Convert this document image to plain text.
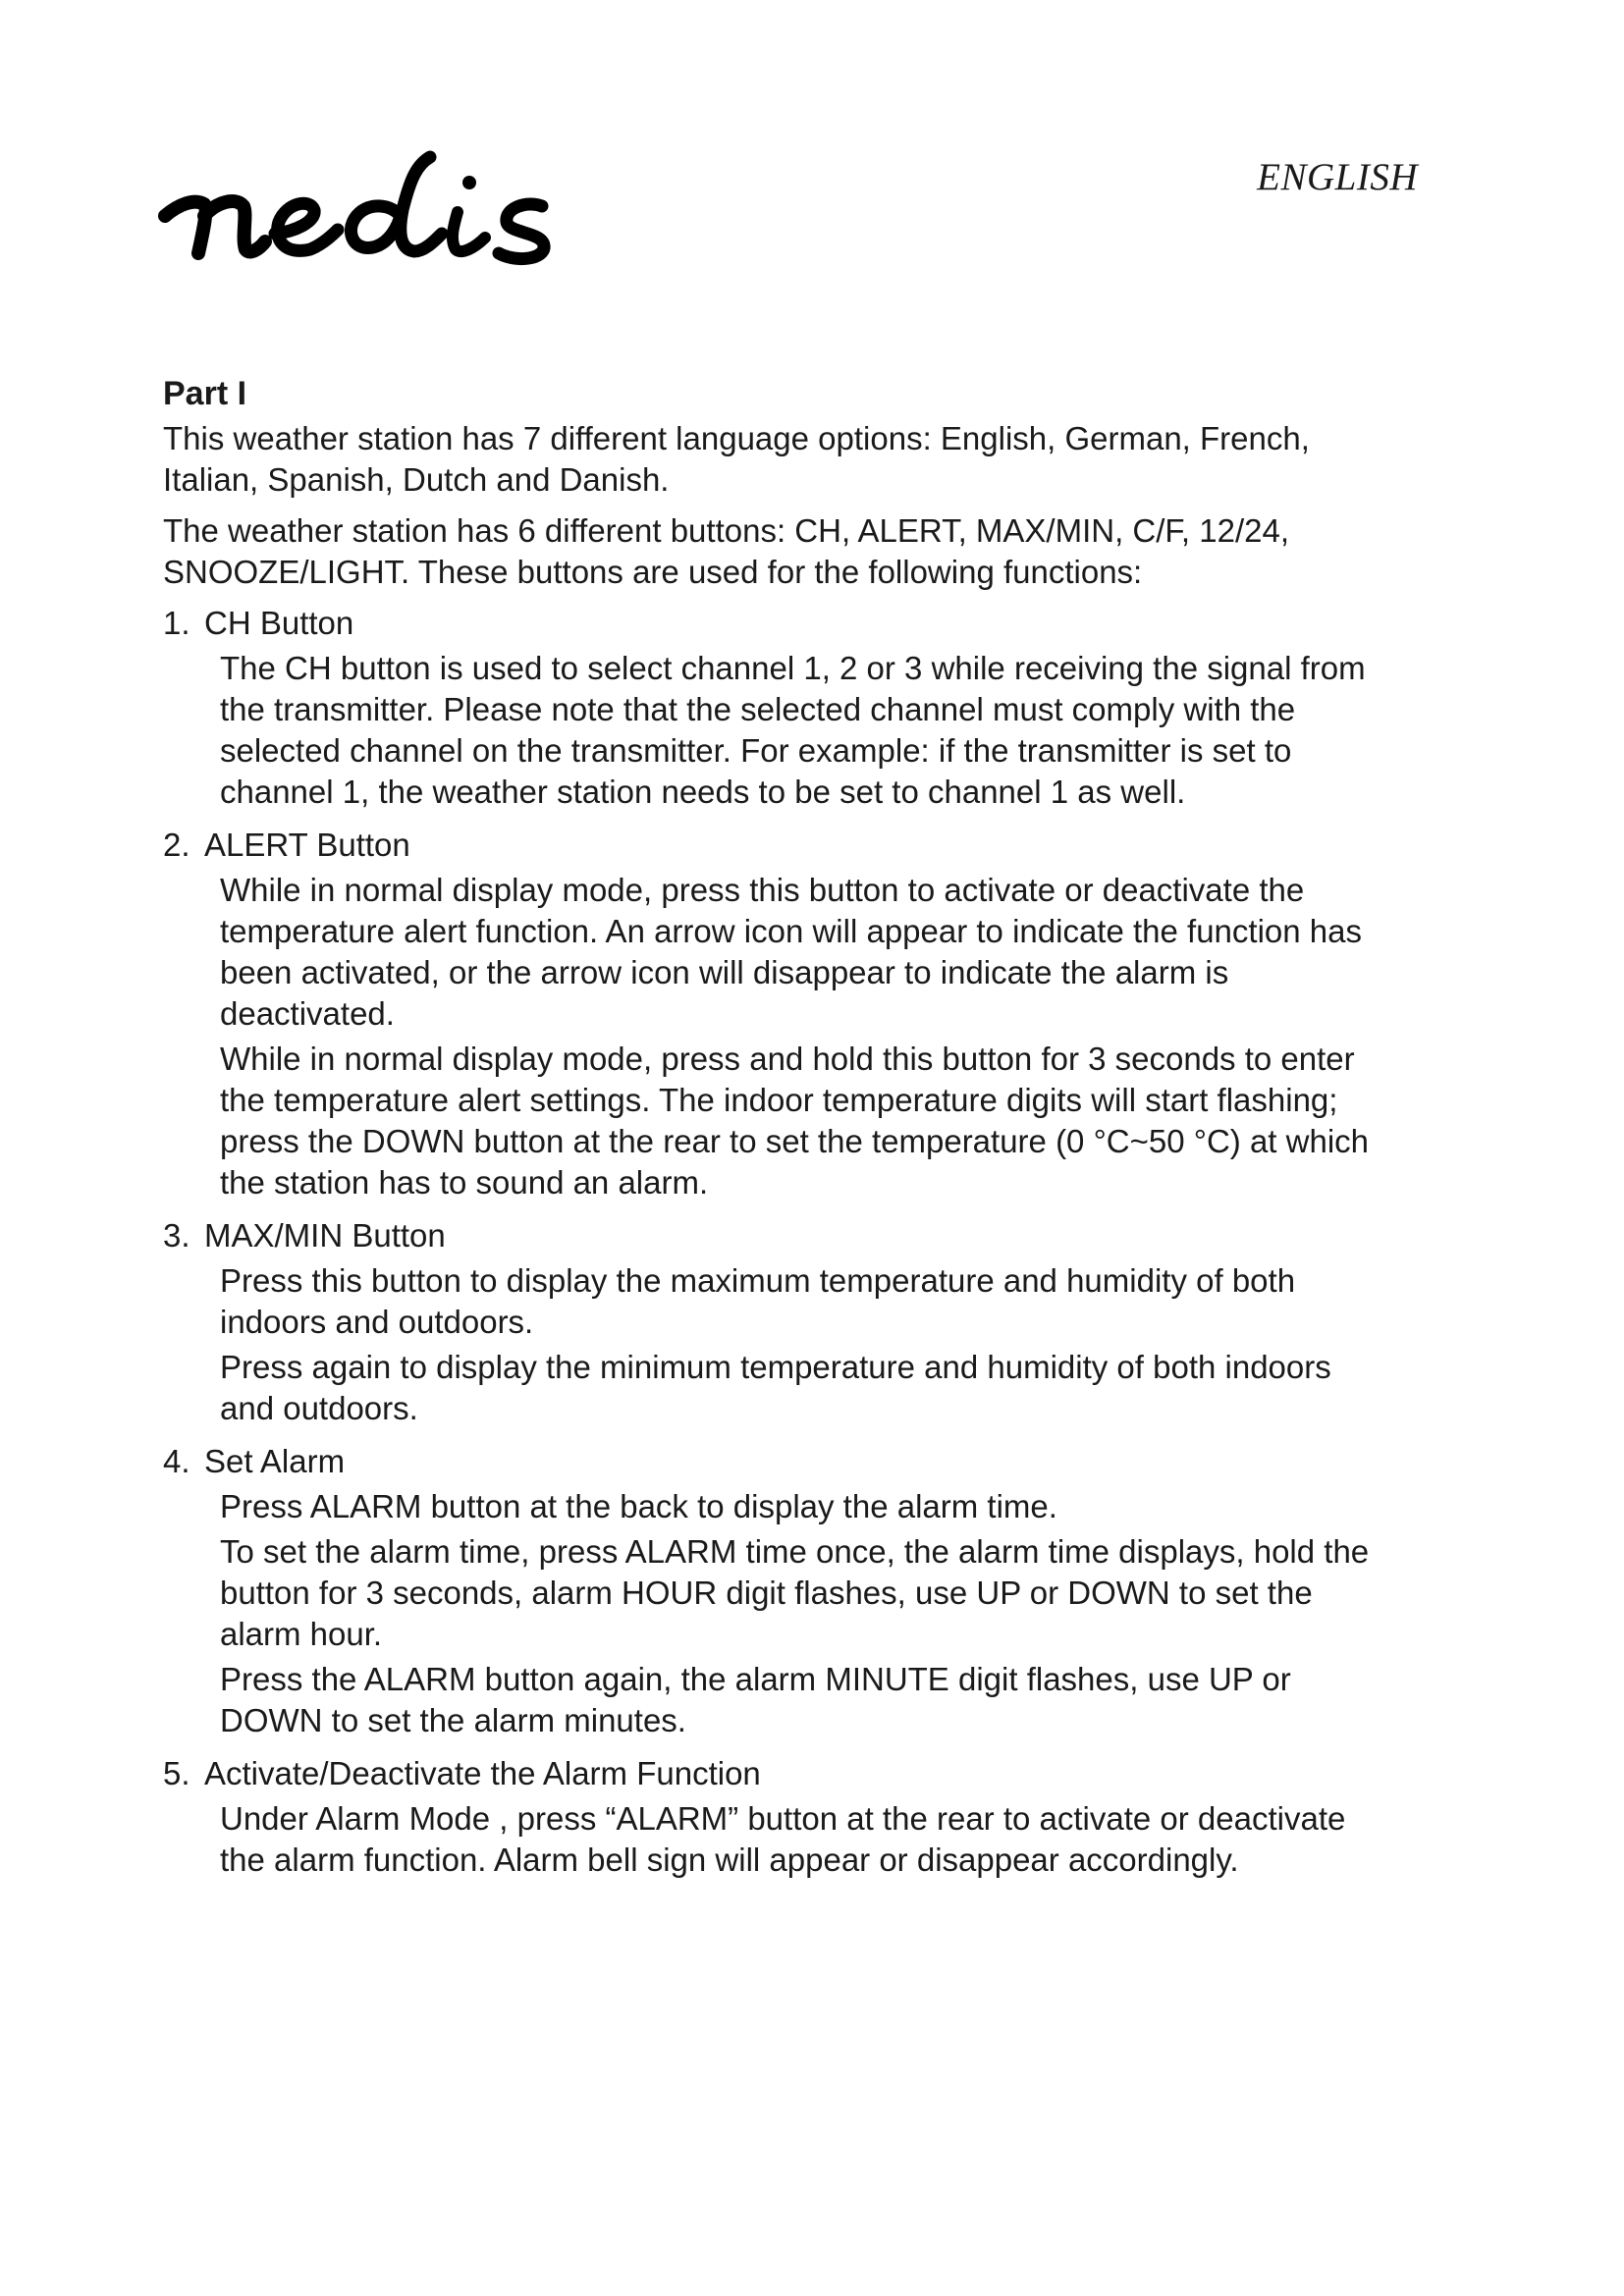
ENGLISH
Part I

This weather station has 7 different language options: English, German, French, Italian, Spanish, Dutch and Danish.

The weather station has 6 different buttons: CH, ALERT, MAX/MIN, C/F, 12/24, SNOOZE/LIGHT. These buttons are used for the following functions:

1. CH Button

The CH button is used to select channel 1, 2 or 3 while receiving the signal from the transmitter. Please note that the selected channel must comply with the selected channel on the transmitter. For example: if the transmitter is set to channel 1, the weather station needs to be set to channel 1 as well.

2. ALERT Button

While in normal display mode, press this button to activate or deactivate the temperature alert function. An arrow icon will appear to indicate the function has been activated, or the arrow icon will disappear to indicate the alarm is deactivated.

While in normal display mode, press and hold this button for 3 seconds to enter the temperature alert settings. The indoor temperature digits will start flashing; press the DOWN button at the rear to set the temperature (0 °C~50 °C) at which the station has to sound an alarm.

3. MAX/MIN Button

Press this button to display the maximum temperature and humidity of both indoors and outdoors.

Press again to display the minimum temperature and humidity of both indoors and outdoors.

4. Set Alarm

Press ALARM button at the back to display the alarm time.

To set the alarm time, press ALARM time once, the alarm time displays, hold the button for 3 seconds, alarm HOUR digit flashes, use UP or DOWN to set the alarm hour.

Press the ALARM button again, the alarm MINUTE digit flashes, use UP or DOWN to set the alarm minutes.

5. Activate/Deactivate the Alarm Function

Under Alarm Mode , press “ALARM” button at the rear to activate or deactivate the alarm function. Alarm bell sign will appear or disappear accordingly.
